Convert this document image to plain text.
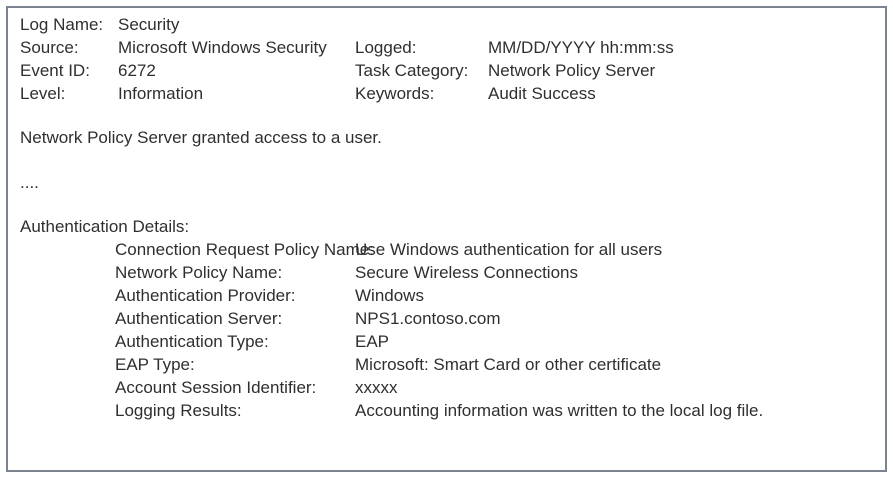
Log Name: Security
Source:	Microsoft Windows Security	Logged:	MM/DD/YYYY hh:mm:ss
Event ID:	6272	Task Category:	Network Policy Server
Level:	Information	Keywords:	Audit Success

Network Policy Server granted access to a user.

....

Authentication Details:

Connection Request Policy Name:
Use Windows authentication for all users
Network Policy Name:	Secure Wireless Connections
Authentication Provider:	Windows
Authentication Server:	NPS1.contoso.com
Authentication Type:	EAP
EAP Type:	Microsoft: Smart Card or other certificate
Account Session Identifier:	xxxxx
Logging Results:	Accounting information was written to the local log file.
